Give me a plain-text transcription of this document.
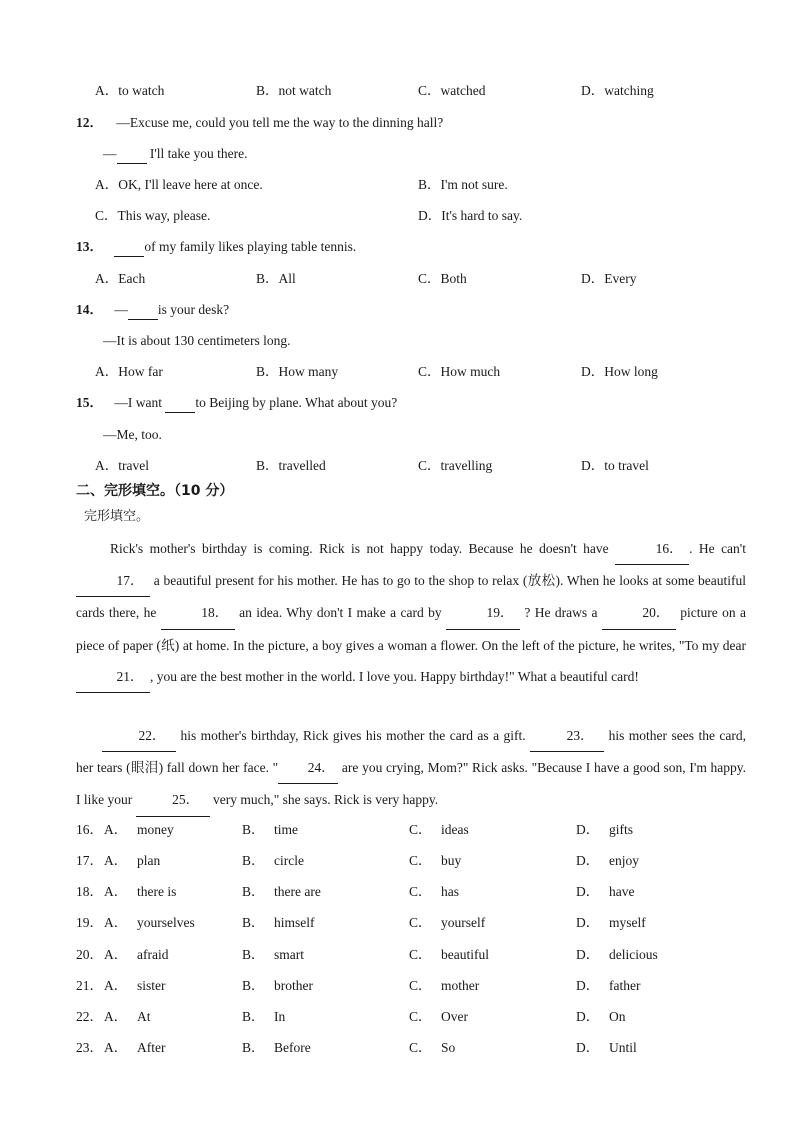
A．to watch	B．not watch	C．watched	D．watching
12． —Excuse me, could you tell me the way to the dinning hall?
—  I'll take you there.
A．OK, I'll leave here at once.	B．I'm not sure.
C．This way, please.	D．It's hard to say.
13．	of my family likes playing table tennis.
A．Each	B．All	C．Both	D．Every
14． — is your desk?
—It is about 130 centimeters long.
A．How far	B．How many	C．How much	D．How long
15． —I want  to Beijing by plane. What about you?
—Me, too.
A．travel	B．travelled	C．travelling	D．to travel
二、完形填空。（10 分）
完形填空。
Rick's mother's birthday is coming. Rick is not happy today. Because he doesn't have	16． . He can't 17． a beautiful present for his mother. He has to go to the shop to relax (放松). When he looks at some beautiful cards there, he	18． an idea. Why don't I make a card by	19． ? He draws a	20． picture on a piece of paper (纸) at home. In the picture, a boy gives a woman a flower. On the left of the picture, he writes, "To my dear 21． , you are the best mother in the world. I love you. Happy birthday!" What a beautiful card!
22． his mother's birthday, Rick gives his mother the card as a gift.	23． his mother sees the card, her tears (眼泪) fall down her face. " 24． are you crying, Mom?" Rick asks. "Because I have a good son, I'm happy. I like your	25． very much," she says. Rick is very happy.
16． A． money	B． time	C． ideas	D． gifts
17． A． plan	B． circle	C． buy	D． enjoy
18． A． there is	B． there are	C． has	D． have
19． A． yourselves	B． himself	C． yourself	D． myself
20． A． afraid	B． smart	C． beautiful	D． delicious
21． A． sister	B． brother	C． mother	D． father
22． A． At	B． In	C． Over	D． On
23． A． After	B． Before	C． So	D． Until
